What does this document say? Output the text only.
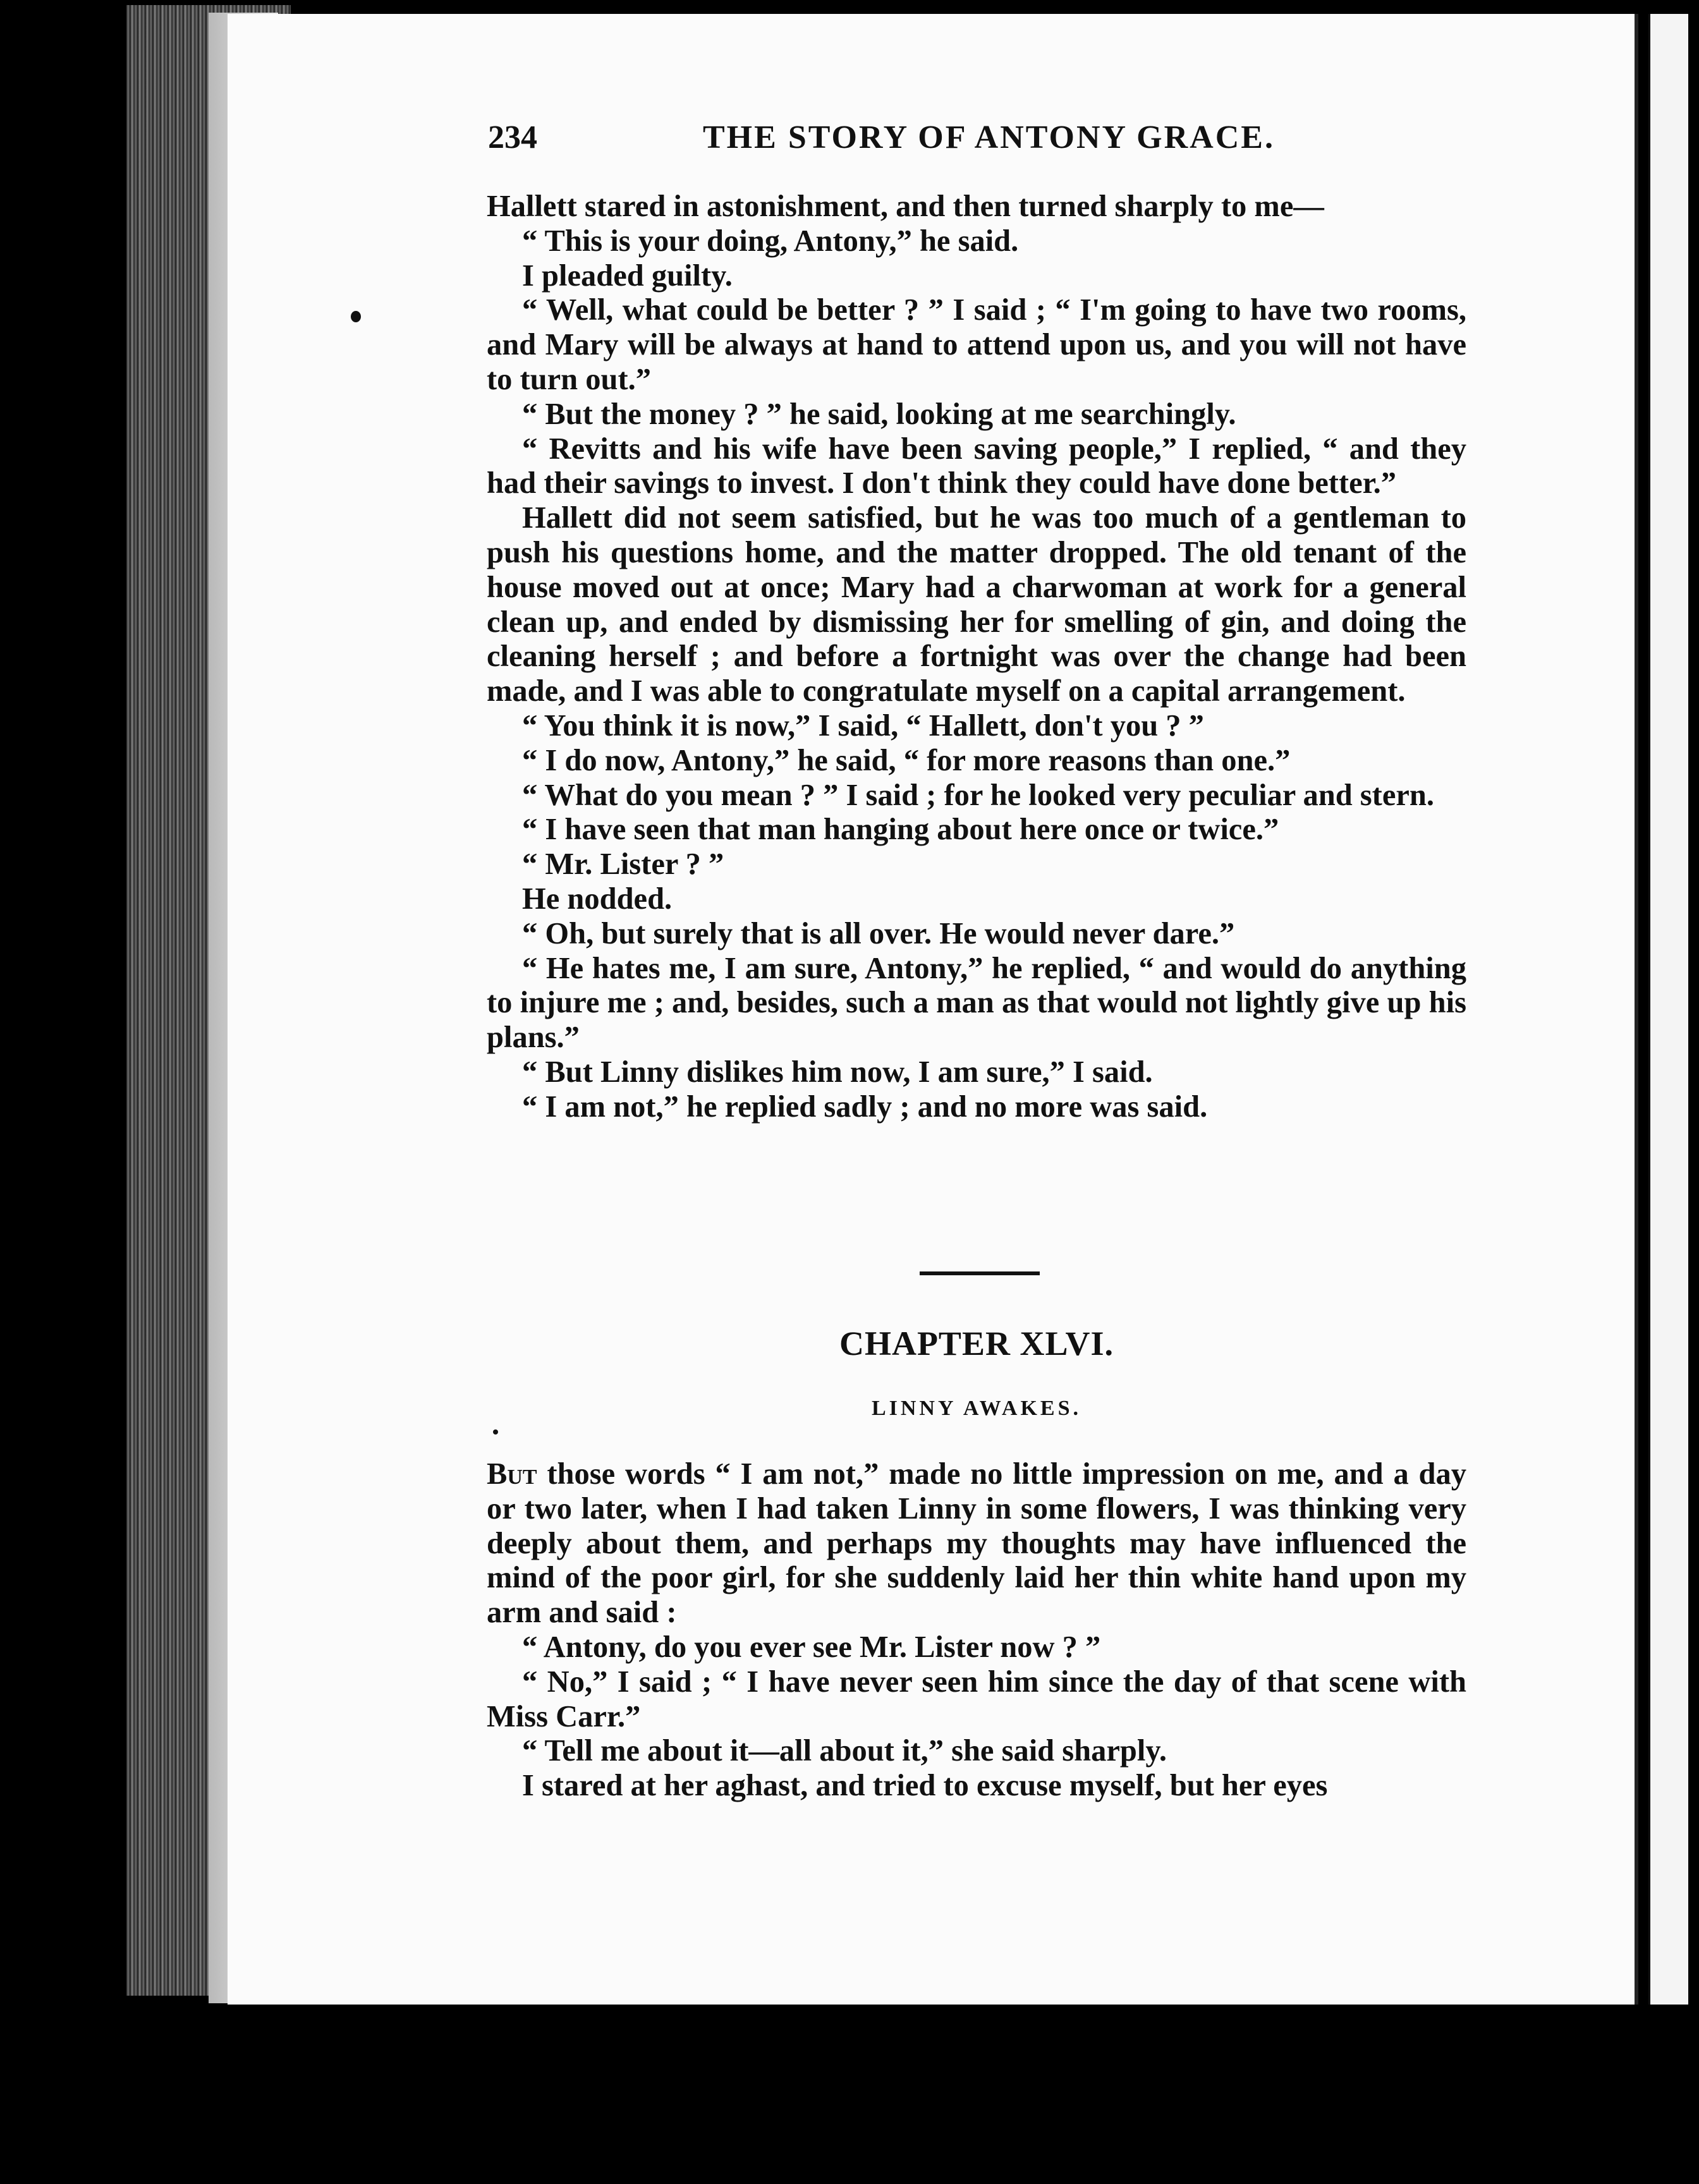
234	THE STORY OF ANTONY GRACE.

Hallett stared in astonishment, and then turned sharply to me—

“ This is your doing, Antony,” he said.

I pleaded guilty.

“ Well, what could be better ? ” I said ; “ I'm going to have two rooms, and Mary will be always at hand to attend upon us, and you will not have to turn out.”

“ But the money ? ” he said, looking at me searchingly.

“ Revitts and his wife have been saving people,” I replied, “ and they had their savings to invest. I don't think they could have done better.”

Hallett did not seem satisfied, but he was too much of a gentleman to push his questions home, and the matter dropped. The old tenant of the house moved out at once; Mary had a charwoman at work for a general clean up, and ended by dismissing her for smelling of gin, and doing the cleaning herself ; and before a fortnight was over the change had been made, and I was able to congratulate myself on a capital arrangement.

“ You think it is now,” I said, “ Hallett, don't you ? ”

“ I do now, Antony,” he said, “ for more reasons than one.”

“ What do you mean ? ” I said ; for he looked very peculiar and stern.

“ I have seen that man hanging about here once or twice.”

“ Mr. Lister ? ”

He nodded.

“ Oh, but surely that is all over. He would never dare.”

“ He hates me, I am sure, Antony,” he replied, “ and would do anything to injure me ; and, besides, such a man as that would not lightly give up his plans.”

“ But Linny dislikes him now, I am sure,” I said.

“ I am not,” he replied sadly ; and no more was said.

CHAPTER XLVI.
LINNY AWAKES.

But those words “ I am not,” made no little impression on me, and a day or two later, when I had taken Linny in some flowers, I was thinking very deeply about them, and perhaps my thoughts may have influenced the mind of the poor girl, for she suddenly laid her thin white hand upon my arm and said :

“ Antony, do you ever see Mr. Lister now ? ”

“ No,” I said ; “ I have never seen him since the day of that scene with Miss Carr.”

“ Tell me about it—all about it,” she said sharply.

I stared at her aghast, and tried to excuse myself, but her eyes
